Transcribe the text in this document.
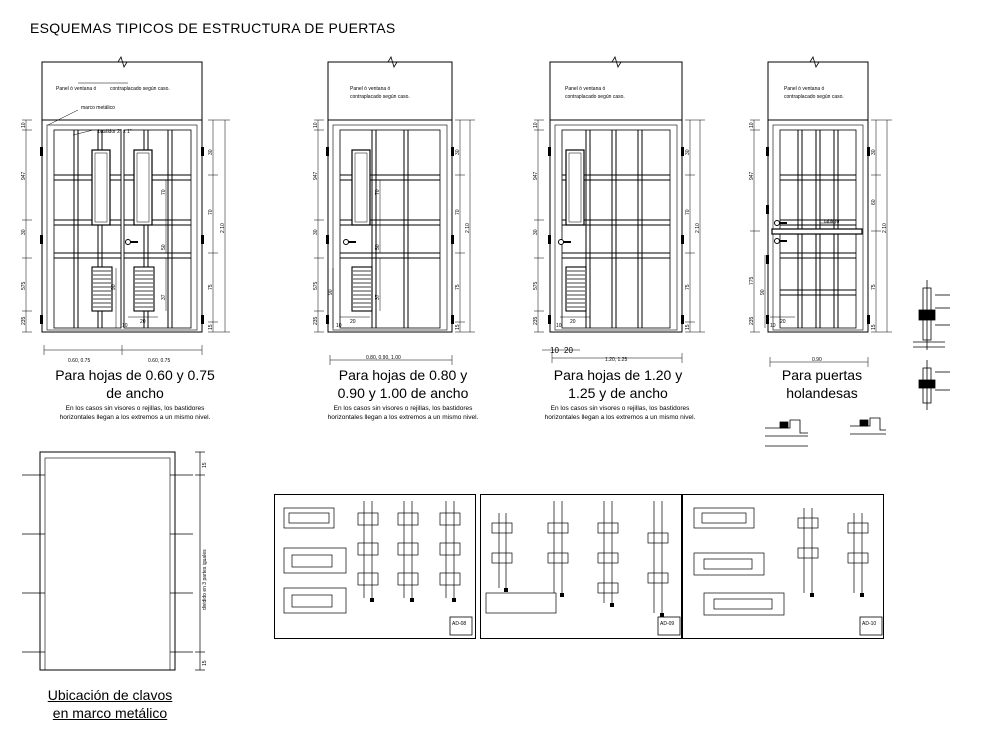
ESQUEMAS TIPICOS DE ESTRUCTURA DE PUERTAS
10
947
30
575
235
30
70
75
15
2.10
70
50
37
90
20
10
Panel ó ventana ó	contraplacado según caso.
marco metálico
bastidor 2" x 1"
0.60, 0.75	0.60, 0.75
Para hojas de 0.60 y 0.75
de ancho
En los casos sin visores o rejillas, los bastidores
horizontales llegan a los extremos a un mismo nivel.
10
947
30
575
235
30
70
75
15
2.10
70
50
37
90
20
10
Panel ó ventana ó
contraplacado según caso.
0.80, 0.90, 1.00
Para hojas de 0.80 y
0.90 y 1.00 de ancho
En los casos sin visores o rejillas, los bastidores
horizontales llegan a los extremos a un mismo nivel.
10
947
30
575
235
30
70
75
15
2.10
20
10
20
10
Panel ó ventana ó
contraplacado según caso.
1.20, 1.25
Para hojas de 1.20 y
1.25 y de ancho
En los casos sin visores o rejillas, los bastidores
horizontales llegan a los extremos a un mismo nivel.
10
947
775
235
30
60
75
15
2.10
90
20
10
tablero
Panel ó ventana ó
contraplacado según caso.
0.90
Para puertas
holandesas
15
dividido en 3 partes iguales
15
Ubicación de clavos
en marco metálico
AD-08	AD-09	AD-10
